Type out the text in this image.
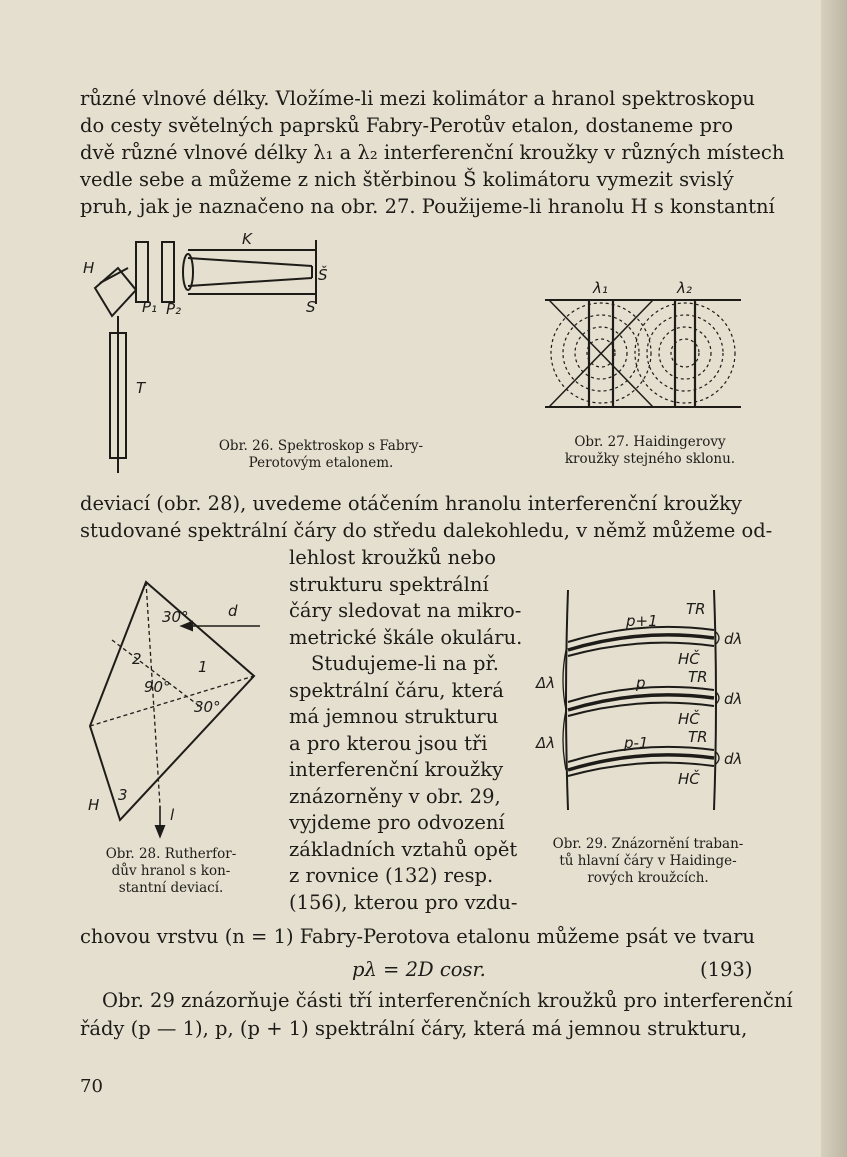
různé vlnové délky. Vložíme-li mezi kolimátor a hranol spektroskopu
do cesty světelných paprsků Fabry-Perotův etalon, dostaneme pro
dvě různé vlnové délky λ₁ a λ₂ interferenční kroužky v různých místech
vedle sebe a můžeme z nich štěrbinou Š kolimátoru vymezit svislý
pruh, jak je naznačeno na obr. 27. Použijeme-li hranolu H s konstantní
H
K
P₁ P₂
Š
S
T
Obr. 26. Spektroskop s Fabry-
Perotovým etalonem.
λ₁	λ₂
Obr. 27. Haidingerovy
kroužky stejného sklonu.
deviací (obr. 28), uvedeme otáčením hranolu interferenční kroužky
studované spektrální čáry do středu dalekohledu, v němž můžeme od-
lehlost kroužků nebo
strukturu spektrální
čáry sledovat na mikro-
metrické škále okuláru.
Studujeme-li na př.
spektrální čáru, která
má jemnou strukturu
a pro kterou jsou tři
interferenční kroužky
znázorněny v obr. 29,
vyjdeme pro odvození
základních vztahů opět
z rovnice (132) resp.
(156), kterou pro vzdu-
30°	d
2	1
90°
30°
H
3
l
Obr. 28. Rutherfor-
dův hranol s kon-
stantní deviací.
TR
p+1
dλ
HČ
TR
Δλ	p
dλ
HČ
TR
Δλ	p-1
dλ
HČ
Obr. 29. Znázornění traban-
tů hlavní čáry v Haidinge-
rových kroužcích.
chovou vrstvu (n = 1) Fabry-Perotova etalonu můžeme psát ve tvaru
pλ = 2D cosr.	(193)
Obr. 29 znázorňuje části tří interferenčních kroužků pro interferenční
řády (p — 1), p, (p + 1) spektrální čáry, která má jemnou strukturu,
70
